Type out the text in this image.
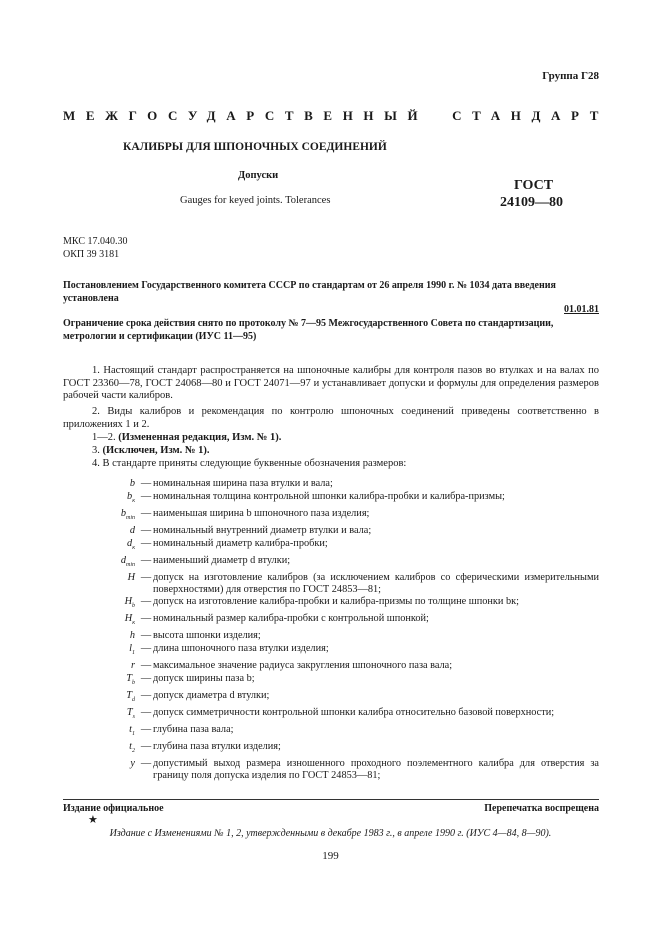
Группа Г28
МЕЖГОСУДАРСТВЕННЫЙ СТАНДАРТ
КАЛИБРЫ ДЛЯ ШПОНОЧНЫХ СОЕДИНЕНИЙ
Допуски
Gauges for keyed joints. Tolerances
ГОСТ
24109—80
МКС 17.040.30
ОКП 39 3181
Постановлением Государственного комитета СССР по стандартам от 26 апреля 1990 г. № 1034 дата введения установлена
01.01.81
Ограничение срока действия снято по протоколу № 7—95 Межгосударственного Совета по стандартизации, метрологии и сертификации (ИУС 11—95)

1. Настоящий стандарт распространяется на шпоночные калибры для контроля пазов во втулках и на валах по ГОСТ 23360—78, ГОСТ 24068—80 и ГОСТ 24071—97 и устанавливает допуски и формулы для определения размеров рабочей части калибров.

2. Виды калибров и рекомендация по контролю шпоночных соединений приведены соответственно в приложениях 1 и 2.

1—2. (Измененная редакция, Изм. № 1).

3. (Исключен, Изм. № 1).

4. В стандарте приняты следующие буквенные обозначения размеров:

b — номинальная ширина паза втулки и вала;
$b_к$ — номинальная толщина контрольной шпонки калибра-пробки и калибра-призмы;
$b_{min}$ — наименьшая ширина b шпоночного паза изделия;
d — номинальный внутренний диаметр втулки и вала;
$d_к$ — номинальный диаметр калибра-пробки;
$d_{min}$ — наименьший диаметр d втулки;
Н — допуск на изготовление калибров (за исключением калибров со сферическими измерительными поверхностями) для отверстия по ГОСТ 24853—81;
$Н_b$ — допуск на изготовление калибра-пробки и калибра-призмы по толщине шпонки bк;
$H_к$ — номинальный размер калибра-пробки с контрольной шпонкой;
h — высота шпонки изделия;
$l_1$ — длина шпоночного паза втулки изделия;
r — максимальное значение радиуса закругления шпоночного паза вала;
$Т_b$ — допуск ширины паза b;
$Т_d$ — допуск диаметра d втулки;
$Т_s$ — допуск симметричности контрольной шпонки калибра относительно базовой поверхности;
$t_1$ — глубина паза вала;
$t_2$ — глубина паза втулки изделия;
y — допустимый выход размера изношенного проходного поэлементного калибра для отверстия за границу поля допуска изделия по ГОСТ 24853—81;
Издание официальное	Перепечатка воспрещена
★
Издание с Изменениями № 1, 2, утвержденными в декабре 1983 г., в апреле 1990 г. (ИУС 4—84, 8—90).
199
